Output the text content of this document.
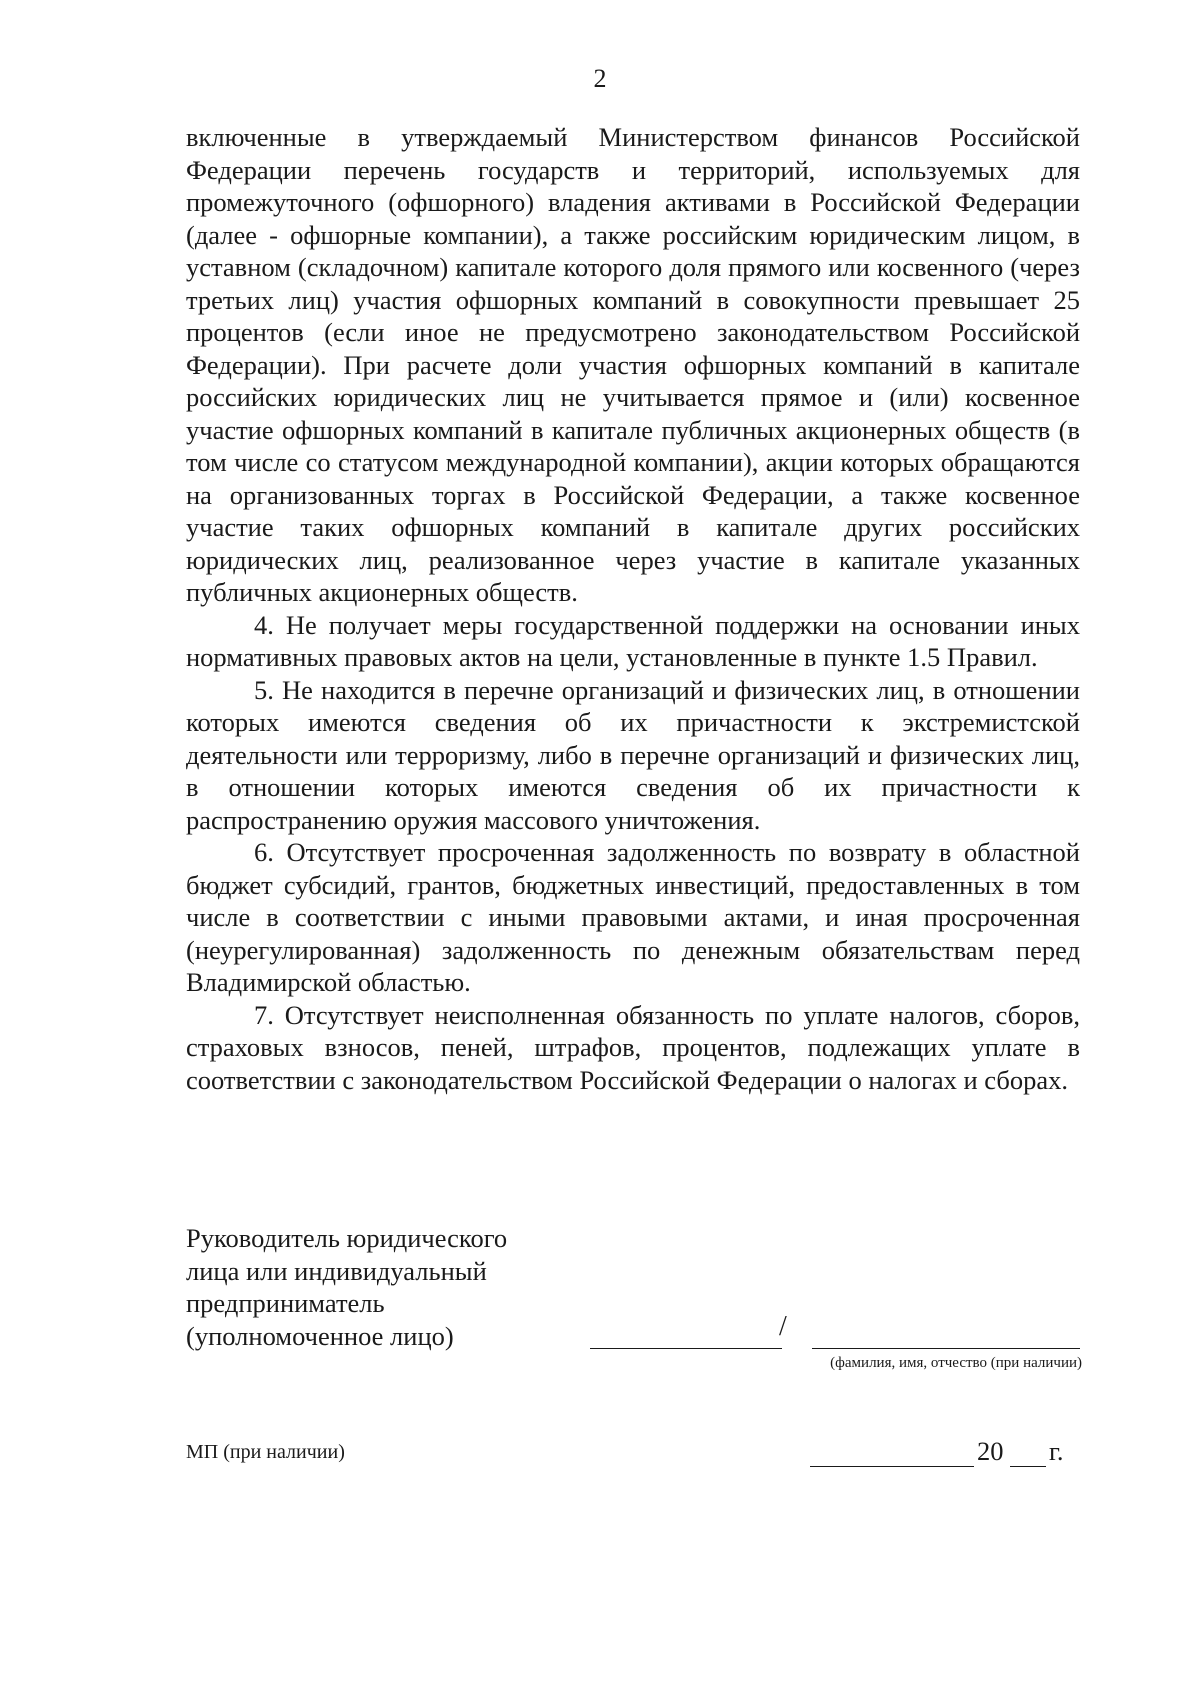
2

включенные в утверждаемый Министерством финансов Российской Федерации перечень государств и территорий, используемых для промежуточного (офшорного) владения активами в Российской Федерации (далее - офшорные компании), а также российским юридическим лицом, в уставном (складочном) капитале которого доля прямого или косвенного (через третьих лиц) участия офшорных компаний в совокупности превышает 25 процентов (если иное не предусмотрено законодательством Российской Федерации). При расчете доли участия офшорных компаний в капитале российских юридических лиц не учитывается прямое и (или) косвенное участие офшорных компаний в капитале публичных акционерных обществ (в том числе со статусом международной компании), акции которых обращаются на организованных торгах в Российской Федерации, а также косвенное участие таких офшорных компаний в капитале других российских юридических лиц, реализованное через участие в капитале указанных публичных акционерных обществ.

4. Не получает меры государственной поддержки на основании иных нормативных правовых актов на цели, установленные в пункте 1.5 Правил.

5. Не находится в перечне организаций и физических лиц, в отношении которых имеются сведения об их причастности к экстремистской деятельности или терроризму, либо в перечне организаций и физических лиц, в отношении которых имеются сведения об их причастности к распространению оружия массового уничтожения.

6. Отсутствует просроченная задолженность по возврату в областной бюджет субсидий, грантов, бюджетных инвестиций, предоставленных в том числе в соответствии с иными правовыми актами, и иная просроченная (неурегулированная) задолженность по денежным обязательствам перед Владимирской областью.

7. Отсутствует неисполненная обязанность по уплате налогов, сборов, страховых взносов, пеней, штрафов, процентов, подлежащих уплате в соответствии с законодательством Российской Федерации о налогах и сборах.

Руководитель юридического
лица или индивидуальный
предприниматель
(уполномоченное лицо)	/
(фамилия, имя, отчество (при наличии)
МП (при наличии)	20 г.
